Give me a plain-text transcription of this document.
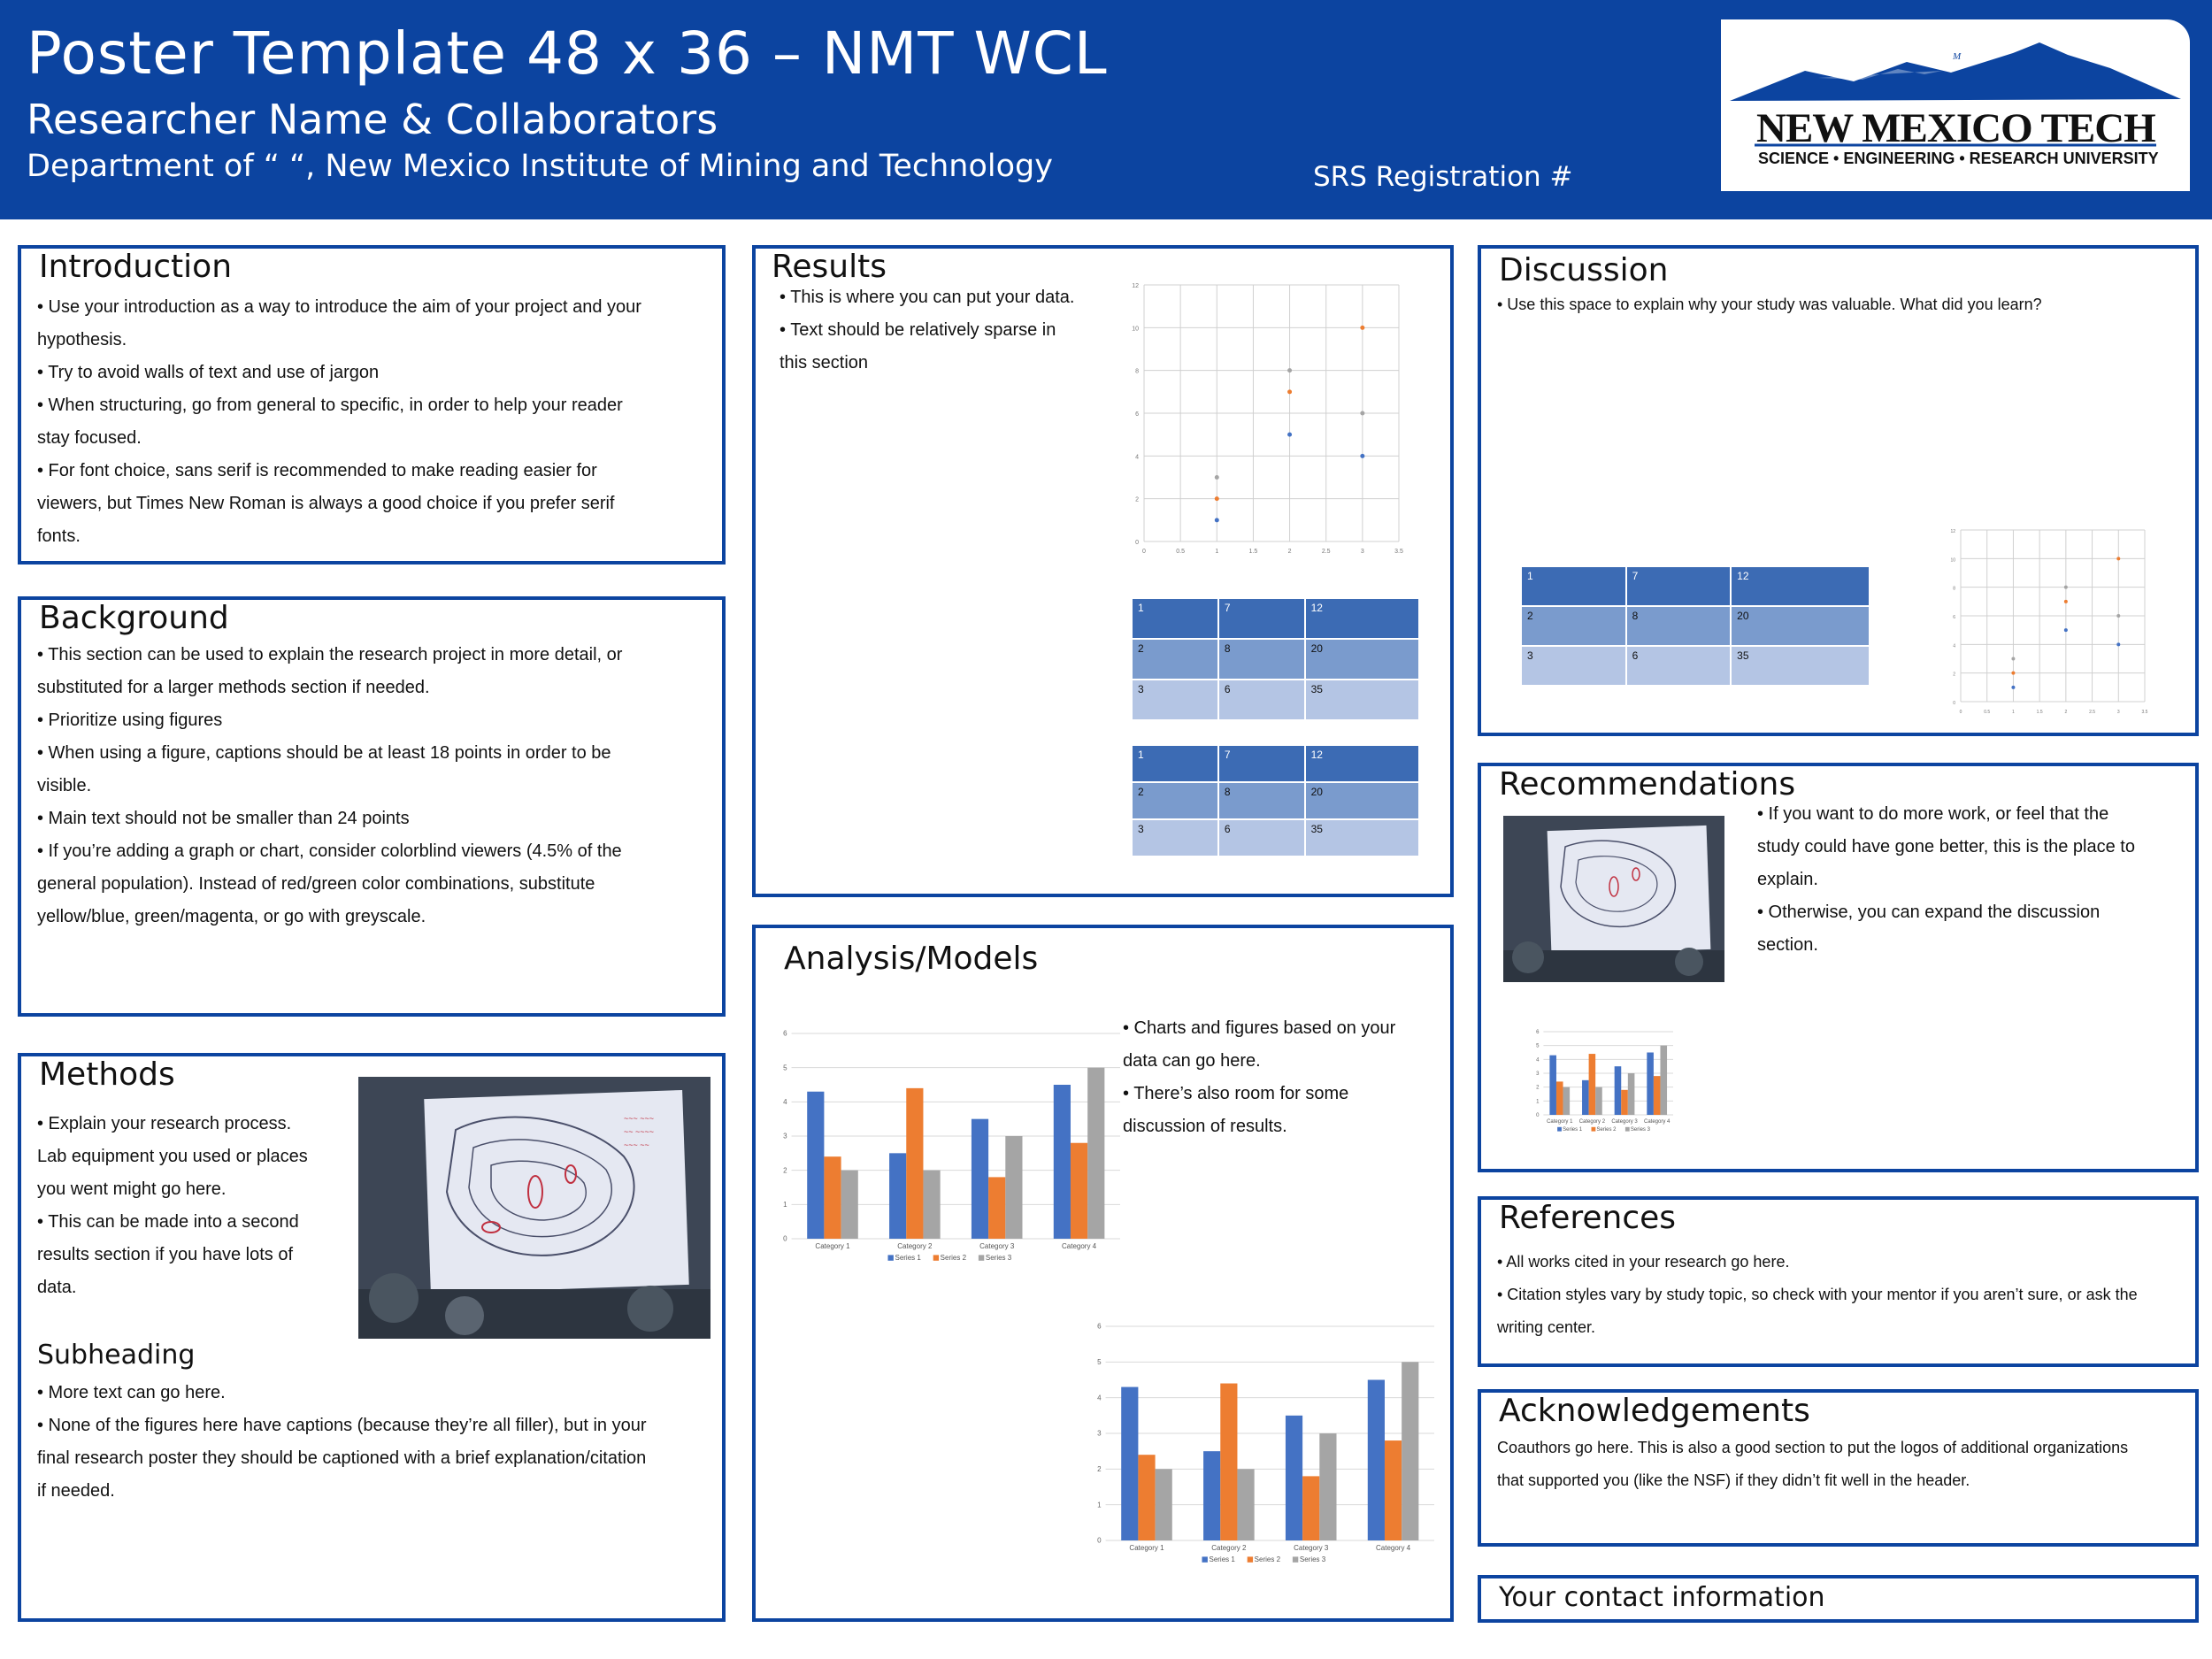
Poster Template 48 x 36 – NMT WCL
Researcher Name & Collaborators
Department of “ “, New Mexico Institute of Mining and Technology	SRS Registration #
M
NEW MEXICO TECH
SCIENCE • ENGINEERING • RESEARCH UNIVERSITY
Introduction

• Use your introduction as a way to introduce the aim of your project and your

hypothesis.

• Try to avoid walls of text and use of jargon

• When structuring, go from general to specific, in order to help your reader

stay focused.

• For font choice, sans serif is recommended to make reading easier for

viewers, but Times New Roman is always a good choice if you prefer serif

fonts.

Background

• This section can be used to explain the research project in more detail, or

substituted for a larger methods section if needed.

• Prioritize using figures

• When using a figure, captions should be at least 18 points in order to be

visible.

• Main text should not be smaller than 24 points

• If you’re adding a graph or chart, consider colorblind viewers (4.5% of the

general population). Instead of red/green color combinations, substitute

yellow/blue, green/magenta, or go with greyscale.

Methods

• Explain your research process.

Lab equipment you used or places

you went might go here.

• This can be made into a second

results section if you have lots of

data.

~~~ ~~~
~~ ~~~~
~~~ ~~
Subheading

• More text can go here.

• None of the figures here have captions (because they’re all filler), but in your

final research poster they should be captioned with a brief explanation/citation

if needed.

Results

• This is where you can put your data.

• Text should be relatively sparse in

this section

0	0.5	1	1.5	2	2.5	3	3.5
0
2
4
6
8
10
12
1	7	12
2	8	20
3	6	35
1	7	12
2	8	20
3	6	35
Analysis/Models
0
1
2
3
4
5
6
Category 1	Category 2	Category 3	Category 4
Series 1	Series 2	Series 3

• Charts and figures based on your

data can go here.

• There’s also room for some

discussion of results.

0
1
2
3
4
5
6
Category 1	Category 2	Category 3	Category 4
Series 1	Series 2	Series 3
Discussion

• Use this space to explain why your study was valuable. What did you learn?

1	7	12
2	8	20
3	6	35
0	0.5	1	1.5	2	2.5	3	3.5
0
2
4
6
8
10
12
Recommendations

• If you want to do more work, or feel that the

study could have gone better, this is the place to

explain.

• Otherwise, you can expand the discussion

section.

0
1
2
3
4
5
6
Category 1 Category 2 Category 3 Category 4
Series 1	Series 2	Series 3
References

• All works cited in your research go here.

• Citation styles vary by study topic, so check with your mentor if you aren’t sure, or ask the

writing center.

Acknowledgements

Coauthors go here. This is also a good section to put the logos of additional organizations

that supported you (like the NSF) if they didn’t fit well in the header.

Your contact information
